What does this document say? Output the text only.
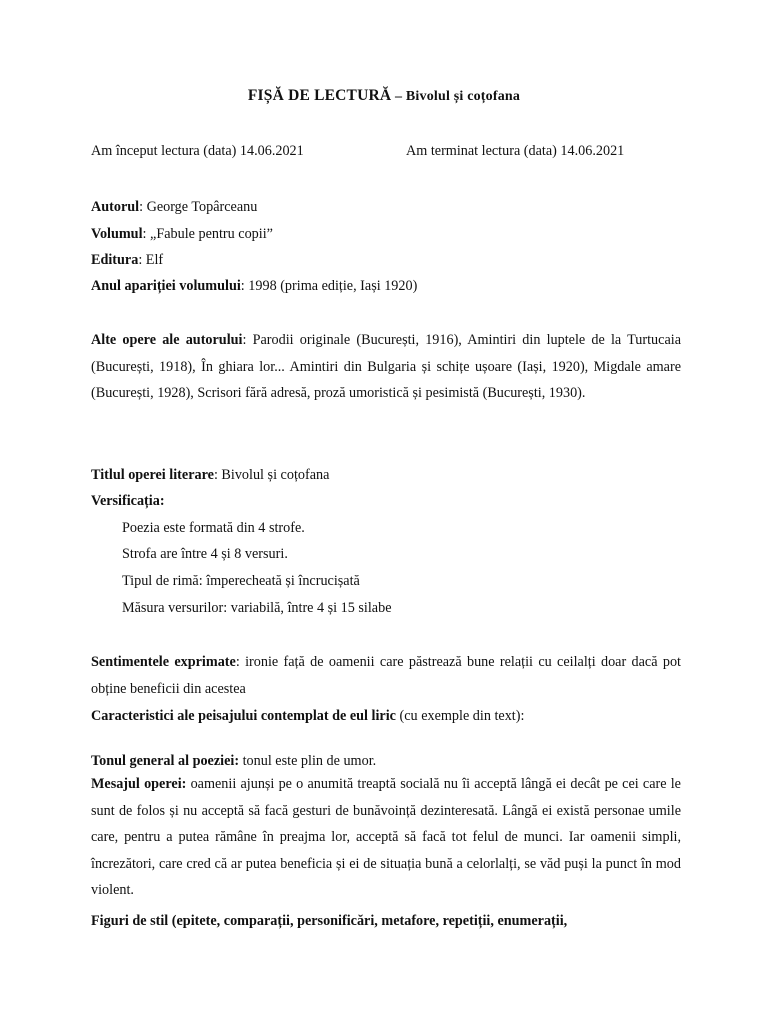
FIȘĂ DE LECTURĂ – Bivolul și coțofana
Am început lectura (data) 14.06.2021	Am terminat lectura (data) 14.06.2021
Autorul: George Topârceanu
Volumul: „Fabule pentru copii”
Editura: Elf
Anul apariției volumului: 1998 (prima ediție, Iași 1920)
Alte opere ale autorului: Parodii originale (București, 1916), Amintiri din luptele de la Turtucaia (București, 1918), În ghiara lor... Amintiri din Bulgaria și schițe ușoare (Iași, 1920), Migdale amare (București, 1928), Scrisori fără adresă, proză umoristică și pesimistă (București, 1930).
Titlul operei literare: Bivolul și coțofana
Versificația:
Poezia este formată din 4 strofe.
Strofa are între 4 și 8 versuri.
Tipul de rimă: împerecheată și încrucișată
Măsura versurilor: variabilă, între 4 și 15 silabe
Sentimentele exprimate: ironie față de oamenii care păstrează bune relații cu ceilalți doar dacă pot obține beneficii din acestea
Caracteristici ale peisajului contemplat de eul liric (cu exemple din text):
Tonul general al poeziei: tonul este plin de umor.
Mesajul operei: oamenii ajunși pe o anumită treaptă socială nu îi acceptă lângă ei decât pe cei care le sunt de folos și nu acceptă să facă gesturi de bunăvoință dezinteresată. Lângă ei există personae umile care, pentru a putea rămâne în preajma lor, acceptă să facă tot felul de munci. Iar oamenii simpli, încrezători, care cred că ar putea beneficia și ei de situația bună a celorlalți, se văd puși la punct în mod violent.
Figuri de stil (epitete, comparații, personificări, metafore, repetiții, enumerații,
